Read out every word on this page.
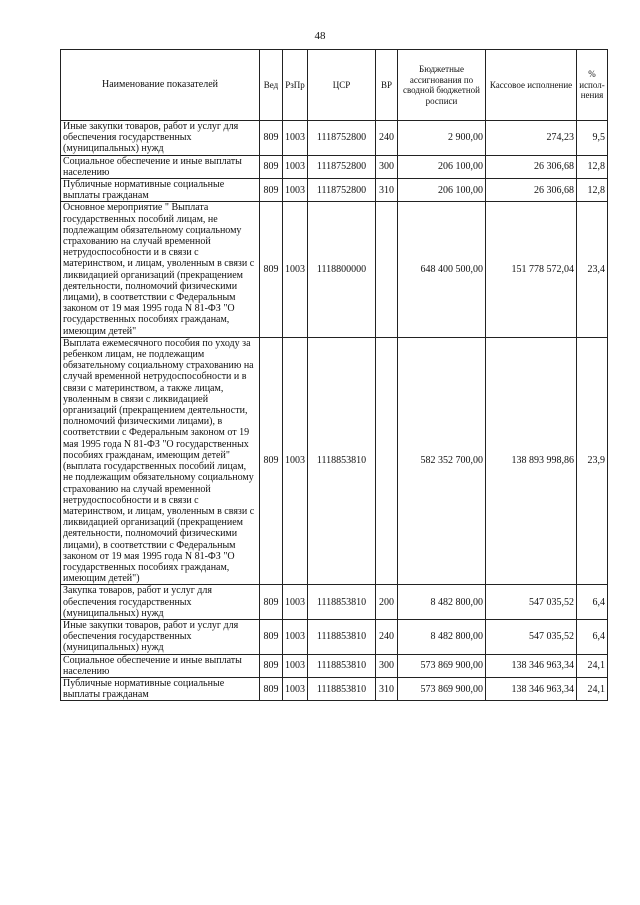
48
Наименование показателей	Вед	РзПр	ЦСР	ВР	Бюджетные ассигнования по сводной бюджетной росписи	Кассовое исполнение	% испол- нения
Иные закупки товаров, работ и услуг для обеспечения государственных (муниципальных) нужд	809	1003	1118752800	240	2 900,00	274,23	9,5
Социальное обеспечение и иные выплаты населению	809	1003	1118752800	300	206 100,00	26 306,68	12,8
Публичные нормативные социальные выплаты гражданам	809	1003	1118752800	310	206 100,00	26 306,68	12,8
Основное мероприятие " Выплата государственных пособий лицам, не подлежащим обязательному социальному страхованию на случай временной нетрудоспособности и в связи с материнством, и лицам, уволенным в связи с ликвидацией организаций (прекращением деятельности, полномочий физическими лицами), в соответствии с Федеральным законом от 19 мая 1995 года N 81-ФЗ "О государственных пособиях гражданам, имеющим детей"	809	1003	1118800000		648 400 500,00	151 778 572,04	23,4
Выплата ежемесячного пособия по уходу за ребенком лицам, не подлежащим обязательному социальному страхованию на случай временной нетрудоспособности и в связи с материнством, а также лицам, уволенным в связи с ликвидацией организаций (прекращением деятельности, полномочий физическими лицами), в соответствии с Федеральным законом от 19 мая 1995 года N 81-ФЗ "О государственных пособиях гражданам, имеющим детей" (выплата государственных пособий лицам, не подлежащим обязательному социальному страхованию на случай временной нетрудоспособности и в связи с материнством, и лицам, уволенным в связи с ликвидацией организаций (прекращением деятельности, полномочий физическими лицами), в соответствии с Федеральным законом от 19 мая 1995 года N 81-ФЗ "О государственных пособиях гражданам, имеющим детей")	809	1003	1118853810		582 352 700,00	138 893 998,86	23,9
Закупка товаров, работ и услуг для обеспечения государственных (муниципальных) нужд	809	1003	1118853810	200	8 482 800,00	547 035,52	6,4
Иные закупки товаров, работ и услуг для обеспечения государственных (муниципальных) нужд	809	1003	1118853810	240	8 482 800,00	547 035,52	6,4
Социальное обеспечение и иные выплаты населению	809	1003	1118853810	300	573 869 900,00	138 346 963,34	24,1
Публичные нормативные социальные выплаты гражданам	809	1003	1118853810	310	573 869 900,00	138 346 963,34	24,1
